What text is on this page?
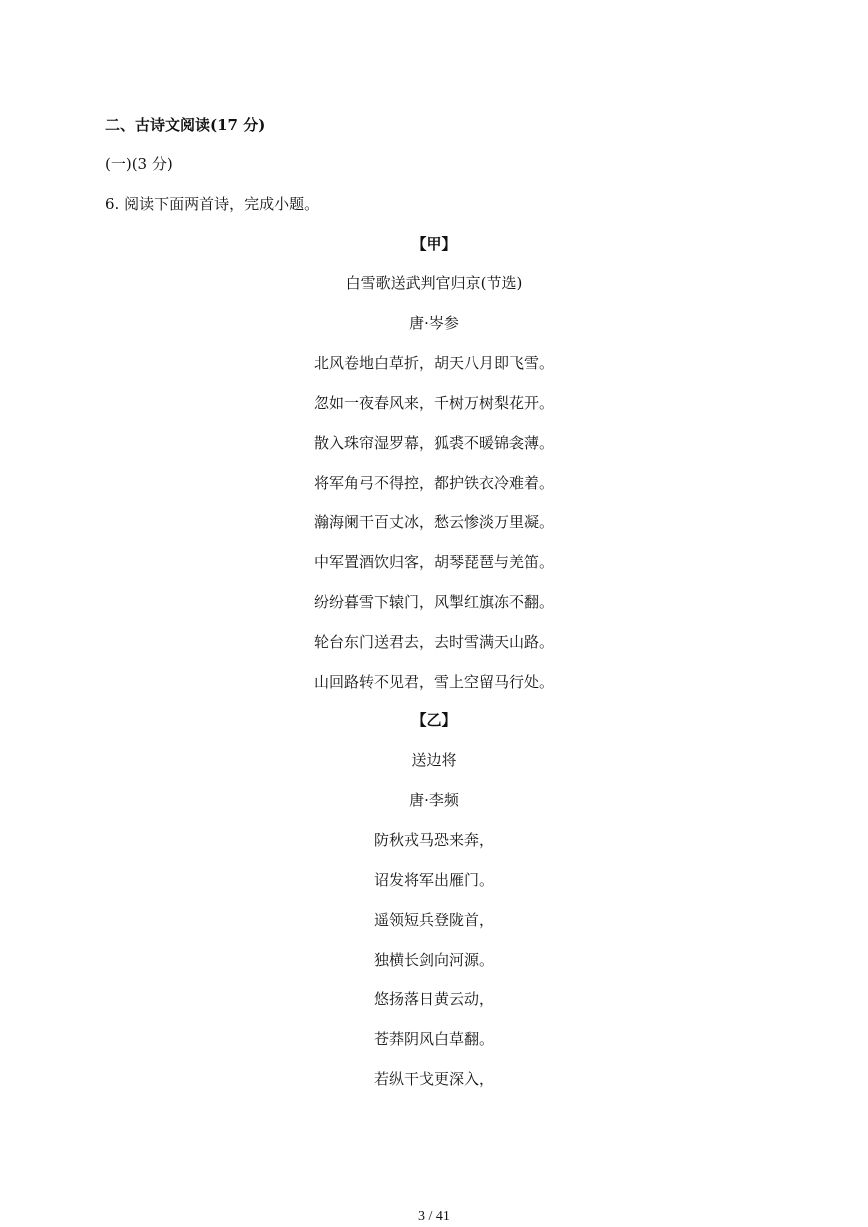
二、古诗文阅读(17 分)
(一)(3 分)
6. 阅读下面两首诗，完成小题。
【甲】
白雪歌送武判官归京(节选)
唐·岑参
北风卷地白草折，胡天八月即飞雪。
忽如一夜春风来，千树万树梨花开。
散入珠帘湿罗幕，狐裘不暖锦衾薄。
将军角弓不得控，都护铁衣冷难着。
瀚海阑干百丈冰，愁云惨淡万里凝。
中军置酒饮归客，胡琴琵琶与羌笛。
纷纷暮雪下辕门，风掣红旗冻不翻。
轮台东门送君去，去时雪满天山路。
山回路转不见君，雪上空留马行处。
【乙】
送边将
唐·李频
防秋戎马恐来奔，
诏发将军出雁门。
遥领短兵登陇首，
独横长剑向河源。
悠扬落日黄云动，
苍莽阴风白草翻。
若纵干戈更深入，
3 / 41
